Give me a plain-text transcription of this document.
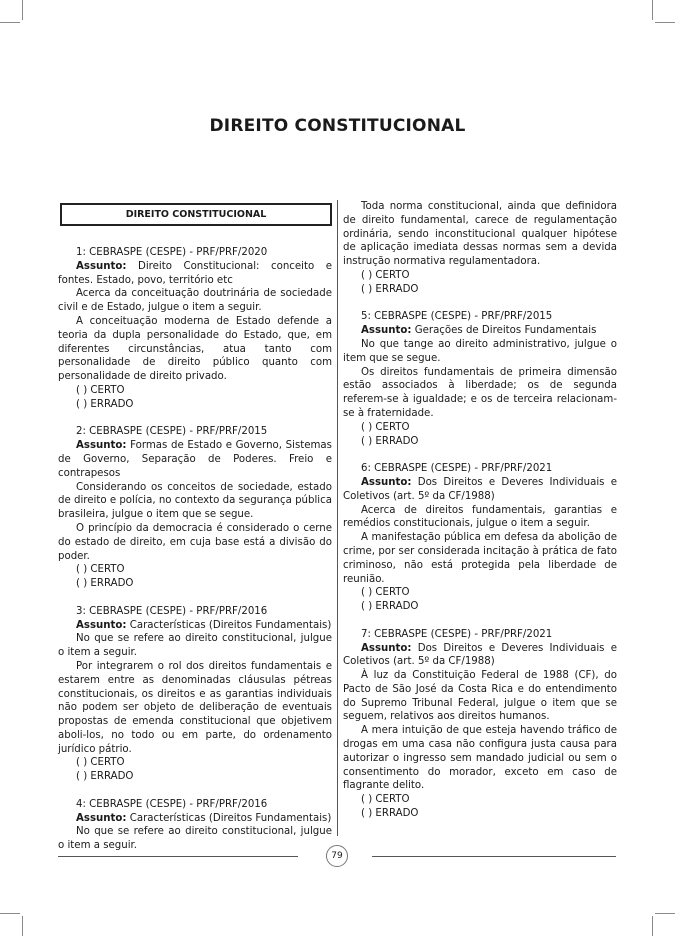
DIREITO CONSTITUCIONAL
DIREITO CONSTITUCIONAL
1: CEBRASPE (CESPE) - PRF/PRF/2020
Assunto: Direito Constitucional: conceito e fontes. Estado, povo, território etc
Acerca da conceituação doutrinária de sociedade civil e de Estado, julgue o item a seguir.
A conceituação moderna de Estado defende a teoria da dupla personalidade do Estado, que, em diferentes circunstâncias, atua tanto com personalidade de direito público quanto com personalidade de direito privado.
( ) CERTO
( ) ERRADO
2: CEBRASPE (CESPE) - PRF/PRF/2015
Assunto: Formas de Estado e Governo, Sistemas de Governo, Separação de Poderes. Freio e contrapesos
Considerando os conceitos de sociedade, estado de direito e polícia, no contexto da segurança pública brasileira, julgue o item que se segue.
O princípio da democracia é considerado o cerne do estado de direito, em cuja base está a divisão do poder.
( ) CERTO
( ) ERRADO
3: CEBRASPE (CESPE) - PRF/PRF/2016
Assunto: Características (Direitos Fundamentais)
No que se refere ao direito constitucional, julgue o item a seguir.
Por integrarem o rol dos direitos fundamentais e estarem entre as denominadas cláusulas pétreas constitucionais, os direitos e as garantias individuais não podem ser objeto de deliberação de eventuais propostas de emenda constitucional que objetivem aboli-los, no todo ou em parte, do ordenamento jurídico pátrio.
( ) CERTO
( ) ERRADO
4: CEBRASPE (CESPE) - PRF/PRF/2016
Assunto: Características (Direitos Fundamentais)
No que se refere ao direito constitucional, julgue o item a seguir.
Toda norma constitucional, ainda que definidora de direito fundamental, carece de regulamentação ordinária, sendo inconstitucional qualquer hipótese de aplicação imediata dessas normas sem a devida instrução normativa regulamentadora.
( ) CERTO
( ) ERRADO
5: CEBRASPE (CESPE) - PRF/PRF/2015
Assunto: Gerações de Direitos Fundamentais
No que tange ao direito administrativo, julgue o item que se segue.
Os direitos fundamentais de primeira dimensão estão associados à liberdade; os de segunda referem-se à igualdade; e os de terceira relacionam-se à fraternidade.
( ) CERTO
( ) ERRADO
6: CEBRASPE (CESPE) - PRF/PRF/2021
Assunto: Dos Direitos e Deveres Individuais e Coletivos (art. 5º da CF/1988)
Acerca de direitos fundamentais, garantias e remédios constitucionais, julgue o item a seguir.
A manifestação pública em defesa da abolição de crime, por ser considerada incitação à prática de fato criminoso, não está protegida pela liberdade de reunião.
( ) CERTO
( ) ERRADO
7: CEBRASPE (CESPE) - PRF/PRF/2021
Assunto: Dos Direitos e Deveres Individuais e Coletivos (art. 5º da CF/1988)
À luz da Constituição Federal de 1988 (CF), do Pacto de São José da Costa Rica e do entendimento do Supremo Tribunal Federal, julgue o item que se seguem, relativos aos direitos humanos.
A mera intuição de que esteja havendo tráfico de drogas em uma casa não configura justa causa para autorizar o ingresso sem mandado judicial ou sem o consentimento do morador, exceto em caso de flagrante delito.
( ) CERTO
( ) ERRADO
79
